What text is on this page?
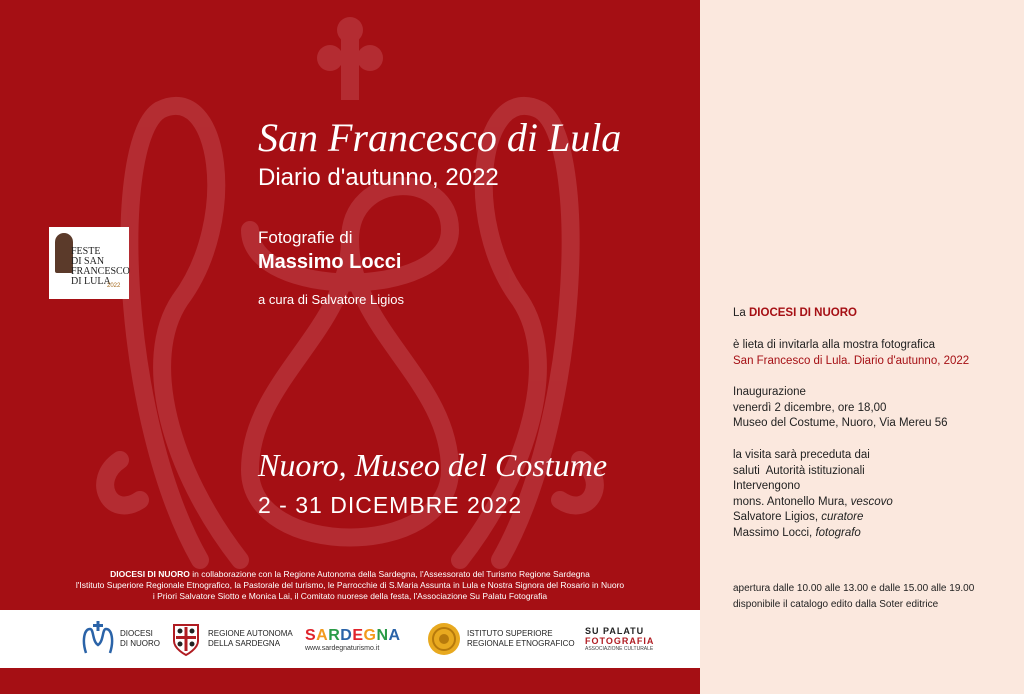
San Francesco di Lula
Diario d'autunno, 2022
Fotografie di
Massimo Locci
a cura di Salvatore Ligios
Nuoro, Museo del Costume
2 - 31 DICEMBRE 2022
FESTE
DI SAN
FRANCESCO
DI LULA
2022
DIOCESI DI NUORO in collaborazione con la Regione Autonoma della Sardegna, l'Assessorato del Turismo Regione Sardegna
l'Istituto Superiore Regionale Etnografico, la Pastorale del turismo, le Parrocchie di S.Maria Assunta in Lula e Nostra Signora del Rosario in Nuoro
i Priori Salvatore Siotto e Monica Lai, il Comitato nuorese della festa, l'Associazione Su Palatu Fotografia
DIOCESI
DI NUORO
REGIONE AUTONOMA
DELLA SARDEGNA	SARDEGNA
www.sardegnaturismo.it
ISTITUTO SUPERIORE
REGIONALE ETNOGRAFICO
SU PALATU
FOTOGRAFIA
ASSOCIAZIONE CULTURALE
La DIOCESI DI NUORO
è lieta di invitarla alla mostra fotografica
San Francesco di Lula. Diario d'autunno, 2022
Inaugurazione
venerdì 2 dicembre, ore 18,00
Museo del Costume, Nuoro, Via Mereu 56
la visita sarà preceduta dai
saluti  Autorità istituzionali
Intervengono
mons. Antonello Mura, vescovo
Salvatore Ligios, curatore
Massimo Locci, fotografo
apertura dalle 10.00 alle 13.00 e dalle 15.00 alle 19.00
disponibile il catalogo edito dalla Soter editrice
